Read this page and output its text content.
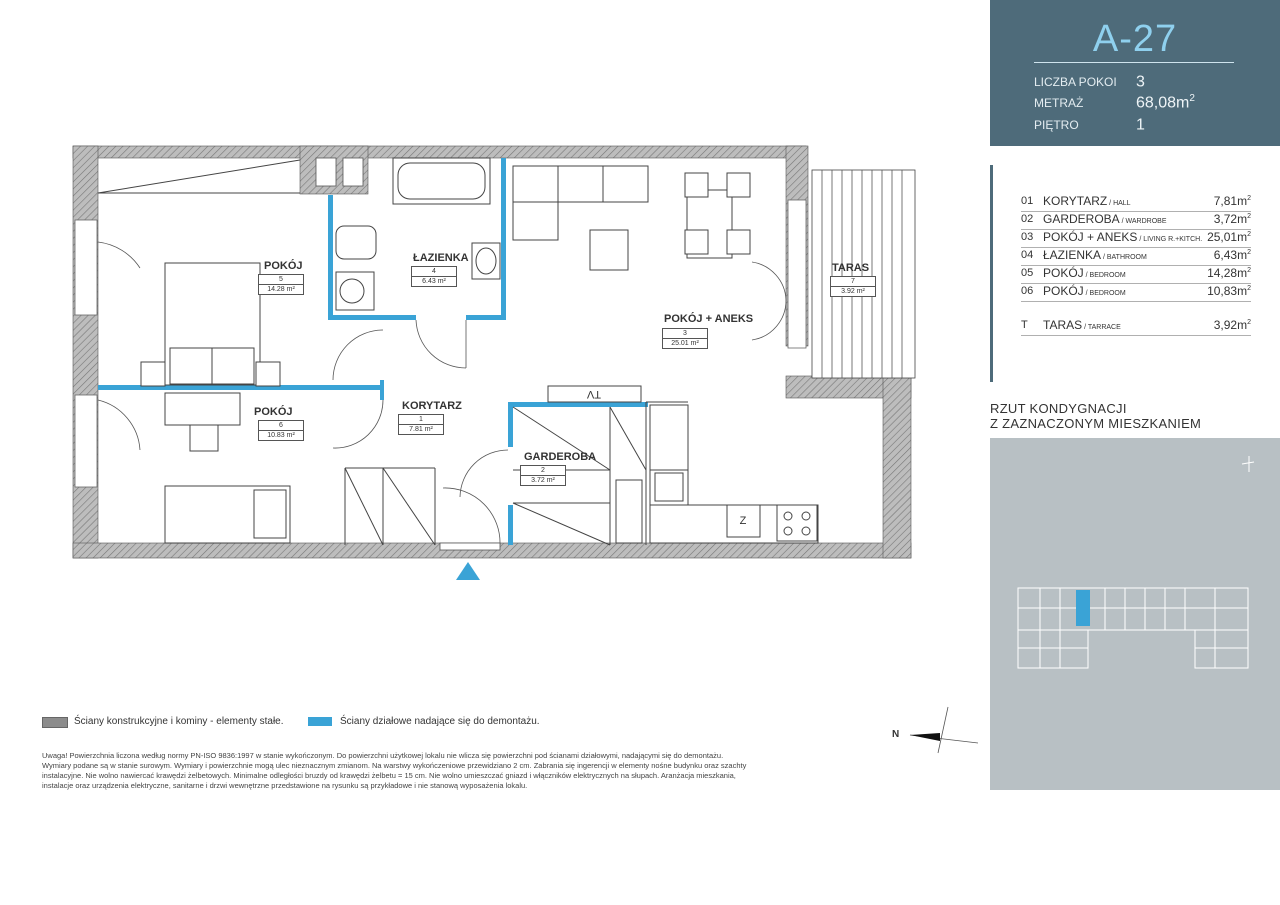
TV
Z
POKÓJ
5
14.28 m²
ŁAZIENKA
4
6.43 m²
TARAS
7
3.92 m²
POKÓJ + ANEKS
3
25.01 m²
KORYTARZ
1
7.81 m²
POKÓJ
6
10.83 m²
GARDEROBA
2
3.72 m²
Ściany konstrukcyjne i kominy - elementy stałe.	Ściany działowe nadające się do demontażu.
Uwaga! Powierzchnia liczona według normy PN-ISO 9836:1997 w stanie wykończonym. Do powierzchni użytkowej lokalu nie wlicza się powierzchni pod ścianami działowymi, nadającymi się do demontażu.
Wymiary podane są w stanie surowym. Wymiary i powierzchnie mogą ulec nieznacznym zmianom. Na warstwy wykończeniowe przewidziano 2 cm. Zabrania się ingerencji w elementy nośne budynku oraz szachty
instalacyjne. Nie wolno nawiercać krawędzi żelbetowych. Minimalne odległości bruzdy od krawędzi żelbetu = 15 cm. Nie wolno umieszczać gniazd i włączników elektrycznych na słupach. Aranżacja mieszkania,
instalacje oraz urządzenia elektryczne, sanitarne i drzwi wewnętrzne przedstawione na rysunku są przykładowe i nie stanową wyposażenia lokalu.
N
A-27
LICZBA POKOI 3
METRAŻ	$68,08m^2$
PIĘTRO	1
01 KORYTARZ / HALL	$7,81m^2$
02 GARDEROBA / WARDROBE	$3,72m^2$
03 POKÓJ + ANEKS / LIVING R.+KITCH. $25,01m^2$
04 ŁAZIENKA / BATHROOM	$6,43m^2$
05 POKÓJ / BEDROOM	$14,28m^2$
06 POKÓJ / BEDROOM	$10,83m^2$
T TARAS / TARRACE	$3,92m^2$
RZUT KONDYGNACJI
Z ZAZNACZONYM MIESZKANIEM
